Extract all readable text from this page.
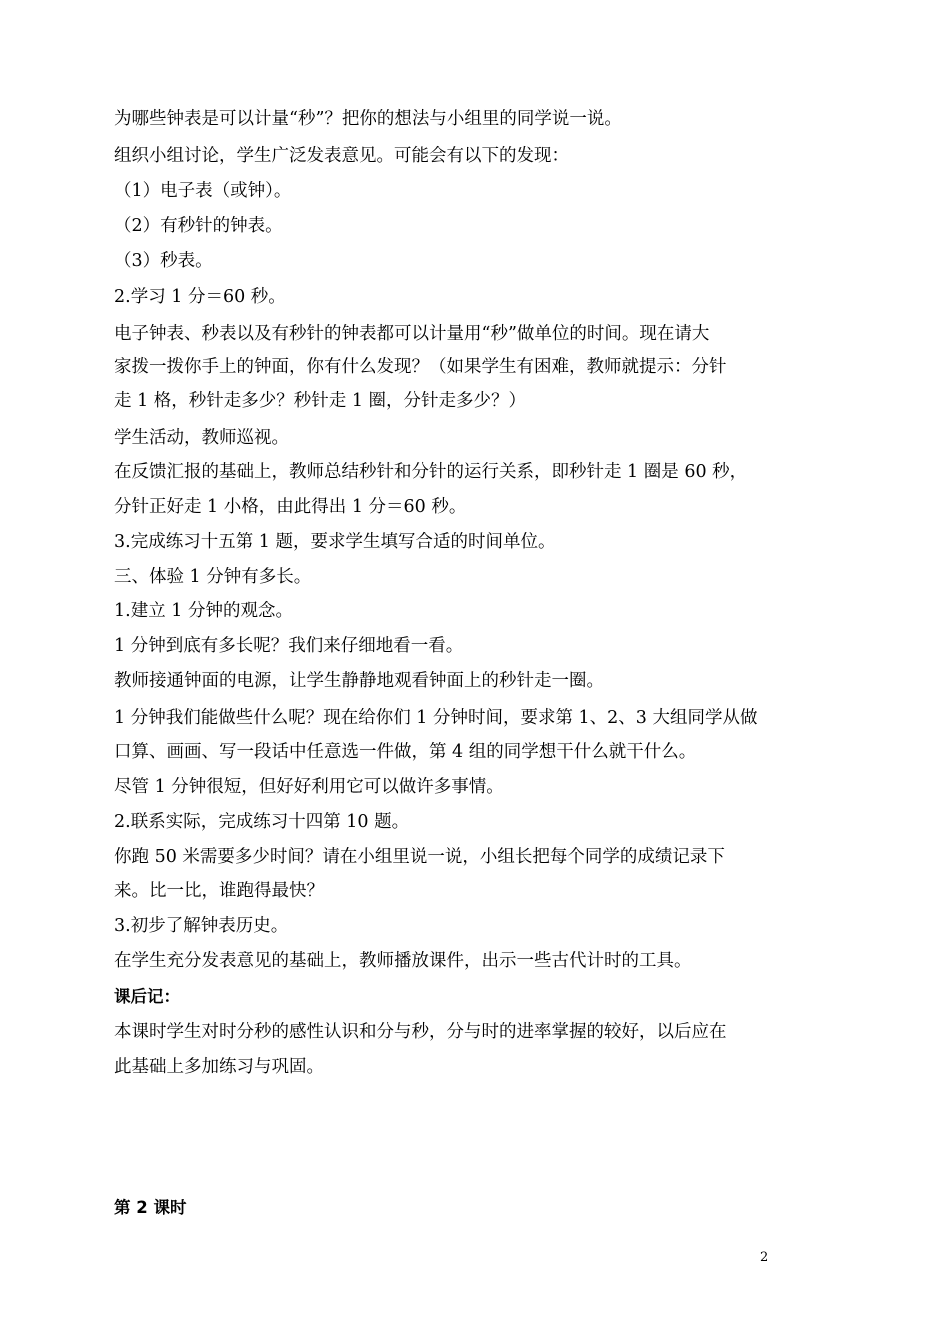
为哪些钟表是可以计量“秒”？把你的想法与小组里的同学说一说。
组织小组讨论，学生广泛发表意见。可能会有以下的发现：
（1）电子表（或钟）。
（2）有秒针的钟表。
（3）秒表。
2.学习 1 分＝60 秒。
电子钟表、秒表以及有秒针的钟表都可以计量用“秒”做单位的时间。现在请大
家拨一拨你手上的钟面，你有什么发现？（如果学生有困难，教师就提示：分针
走 1 格，秒针走多少？秒针走 1 圈，分针走多少？）
学生活动，教师巡视。
在反馈汇报的基础上，教师总结秒针和分针的运行关系，即秒针走 1 圈是 60 秒，
分针正好走 1 小格，由此得出 1 分＝60 秒。
3.完成练习十五第 1 题，要求学生填写合适的时间单位。
三、体验 1 分钟有多长。
1.建立 1 分钟的观念。
1 分钟到底有多长呢？我们来仔细地看一看。
教师接通钟面的电源，让学生静静地观看钟面上的秒针走一圈。
1 分钟我们能做些什么呢？现在给你们 1 分钟时间，要求第 1、2、3 大组同学从做
口算、画画、写一段话中任意选一件做，第 4 组的同学想干什么就干什么。
尽管 1 分钟很短，但好好利用它可以做许多事情。
2.联系实际，完成练习十四第 10 题。
你跑 50 米需要多少时间？请在小组里说一说，小组长把每个同学的成绩记录下
来。比一比，谁跑得最快？
3.初步了解钟表历史。
在学生充分发表意见的基础上，教师播放课件，出示一些古代计时的工具。
课后记：
本课时学生对时分秒的感性认识和分与秒，分与时的进率掌握的较好，以后应在
此基础上多加练习与巩固。
第 2 课时
2
